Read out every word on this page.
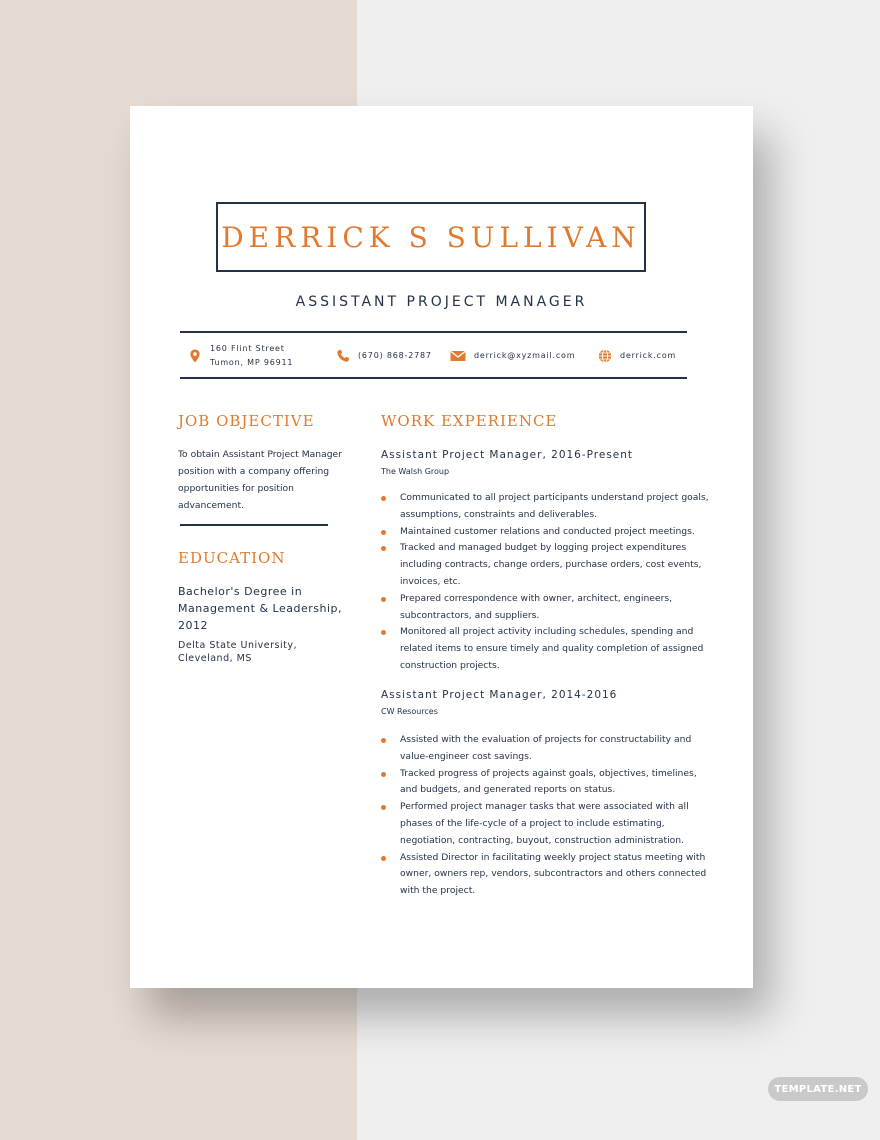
DERRICK S SULLIVAN
ASSISTANT PROJECT MANAGER
160 Flint Street
Tumon, MP 96911
(670) 868-2787	derrick@xyzmail.com	derrick.com
JOB OBJECTIVE
To obtain Assistant Project Manager position with a company offering opportunities for position advancement.
EDUCATION
Bachelor's Degree in Management & Leadership, 2012
Delta State University, Cleveland, MS
WORK EXPERIENCE
Assistant Project Manager, 2016-Present
The Walsh Group
Communicated to all project participants understand project goals, assumptions, constraints and deliverables.
Maintained customer relations and conducted project meetings.
Tracked and managed budget by logging project expenditures including contracts, change orders, purchase orders, cost events, invoices, etc.
Prepared correspondence with owner, architect, engineers, subcontractors, and suppliers.
Monitored all project activity including schedules, spending and related items to ensure timely and quality completion of assigned construction projects.
Assistant Project Manager, 2014-2016
CW Resources
Assisted with the evaluation of projects for constructability and value-engineer cost savings.
Tracked progress of projects against goals, objectives, timelines, and budgets, and generated reports on status.
Performed project manager tasks that were associated with all phases of the life-cycle of a project to include estimating, negotiation, contracting, buyout, construction administration.
Assisted Director in facilitating weekly project status meeting with owner, owners rep, vendors, subcontractors and others connected with the project.
TEMPLATE.NET
